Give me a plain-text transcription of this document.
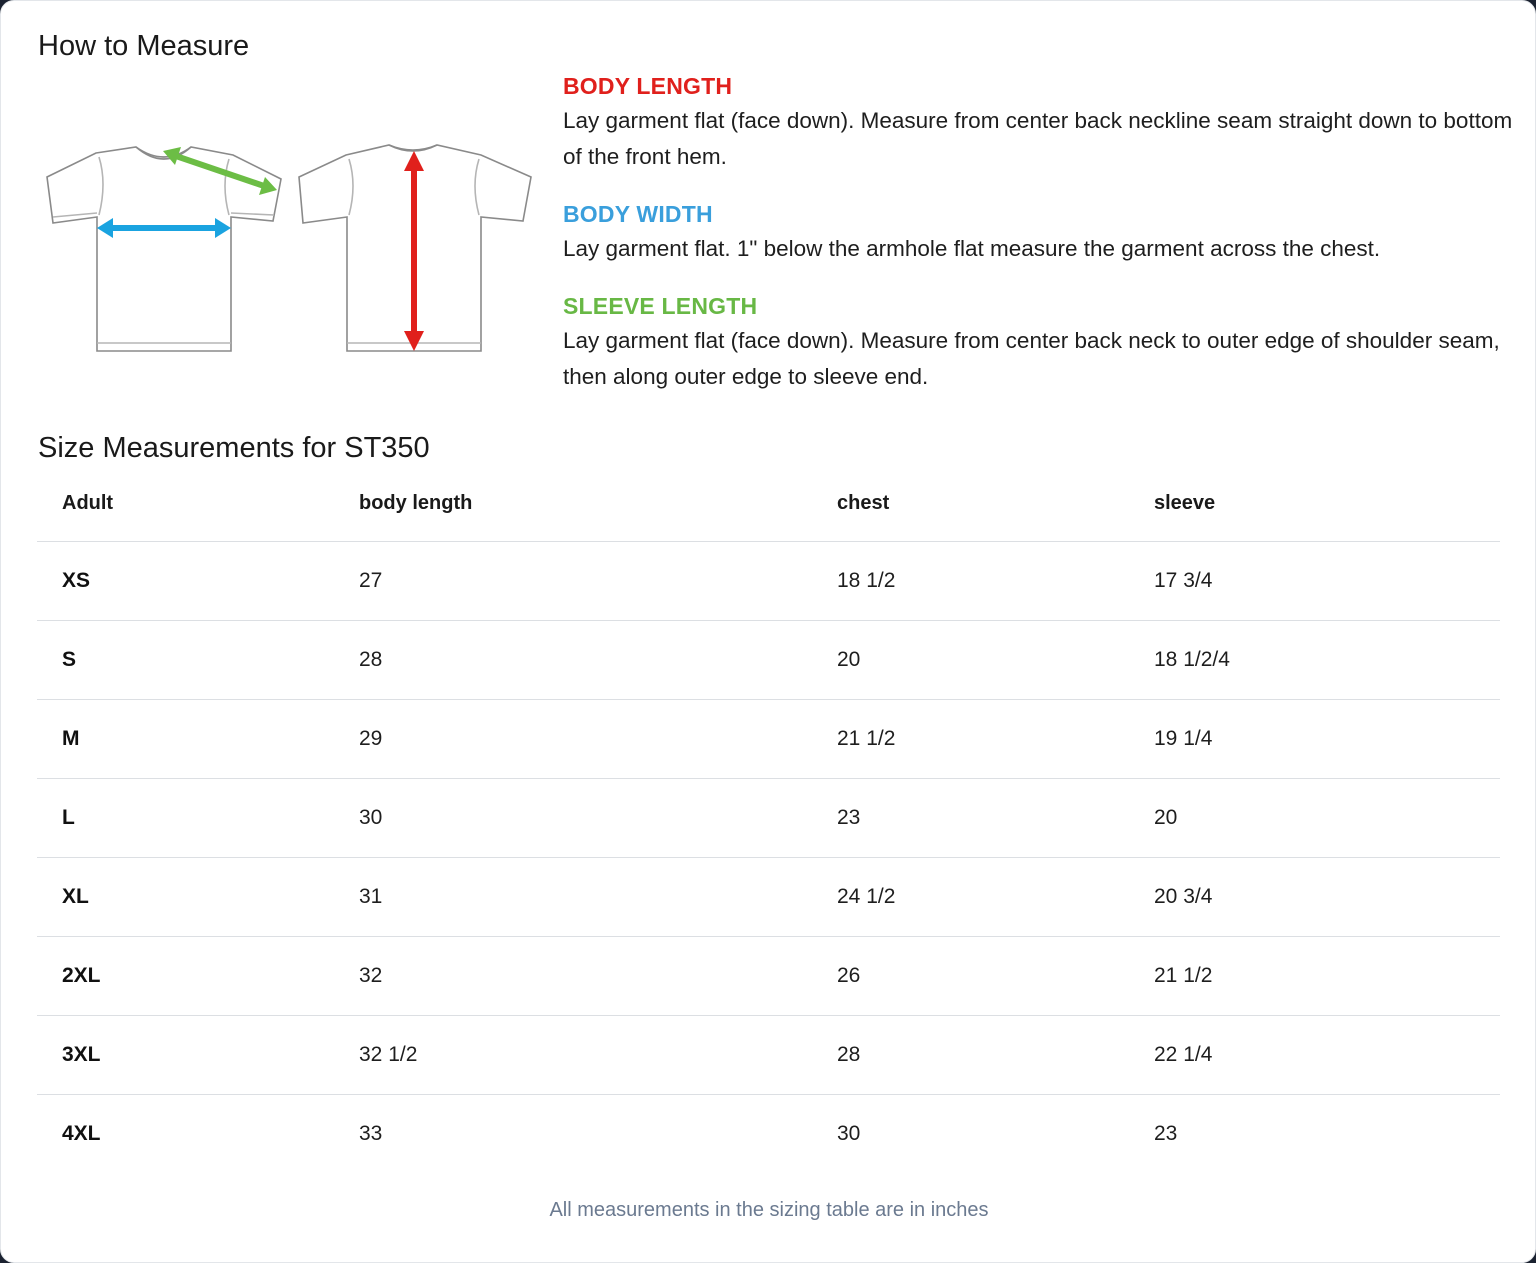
How to Measure
BODY LENGTH
Lay garment flat (face down). Measure from center back neckline seam straight down to bottom of the front hem.
BODY WIDTH
Lay garment flat. 1" below the armhole flat measure the garment across the chest.
SLEEVE LENGTH
Lay garment flat (face down). Measure from center back neck to outer edge of shoulder seam, then along outer edge to sleeve end.
Size Measurements for ST350
Adult	body length	chest	sleeve
XS	27	18 1/2	17 3/4
S	28	20	18 1/2/4
M	29	21 1/2	19 1/4
L	30	23	20
XL	31	24 1/2	20 3/4
2XL	32	26	21 1/2
3XL	32 1/2	28	22 1/4
4XL	33	30	23
All measurements in the sizing table are in inches
